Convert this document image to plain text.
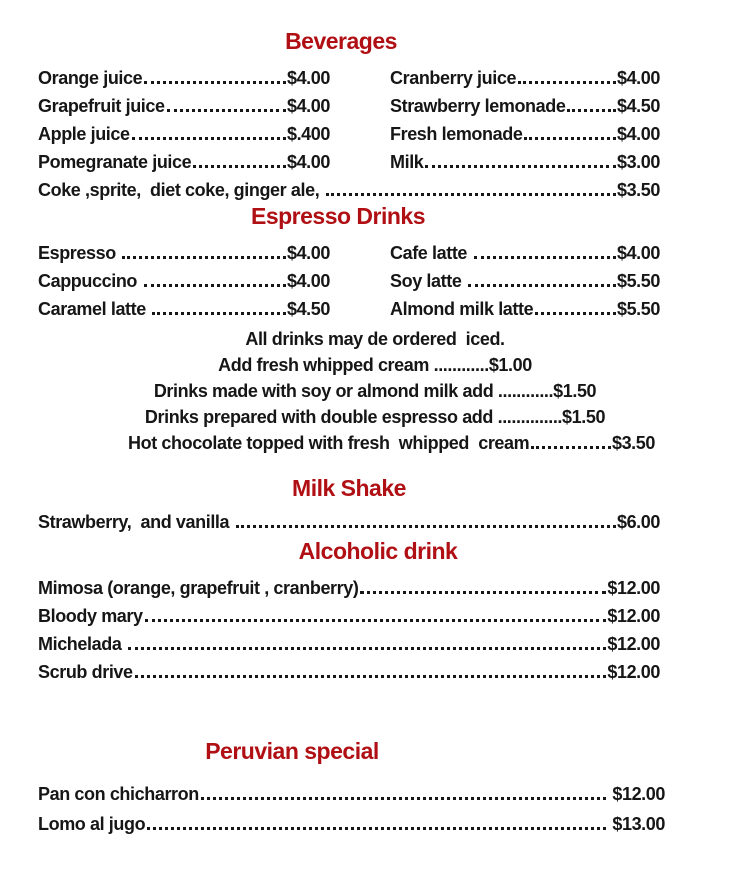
Beverages
Orange juice	$4.00
Grapefruit juice	$4.00
Apple juice	$.400
Pomegranate juice	$4.00
Cranberry juice	$4.00
Strawberry lemonade	$4.50
Fresh lemonade	$4.00
Milk	$3.00
Coke ,sprite,  diet coke, ginger ale,	$3.50
Espresso Drinks
Espresso	$4.00
Cappuccino	$4.00
Caramel latte	$4.50
Cafe latte	$4.00
Soy latte	$5.50
Almond milk latte	$5.50
All drinks may de ordered  iced.
Add fresh whipped cream ............ $1.00
Drinks made with soy or almond milk add ............ $1.50
Drinks prepared with double espresso add .............. $1.50
Hot chocolate topped with fresh  whipped  cream	$3.50
Milk Shake
Strawberry,  and vanilla	$6.00
Alcoholic drink
Mimosa (orange, grapefruit , cranberry)	$12.00
Bloody mary	$12.00
Michelada	$12.00
Scrub drive	$12.00
Peruvian special
Pan con chicharron	$12.00
Lomo al jugo	$13.00
